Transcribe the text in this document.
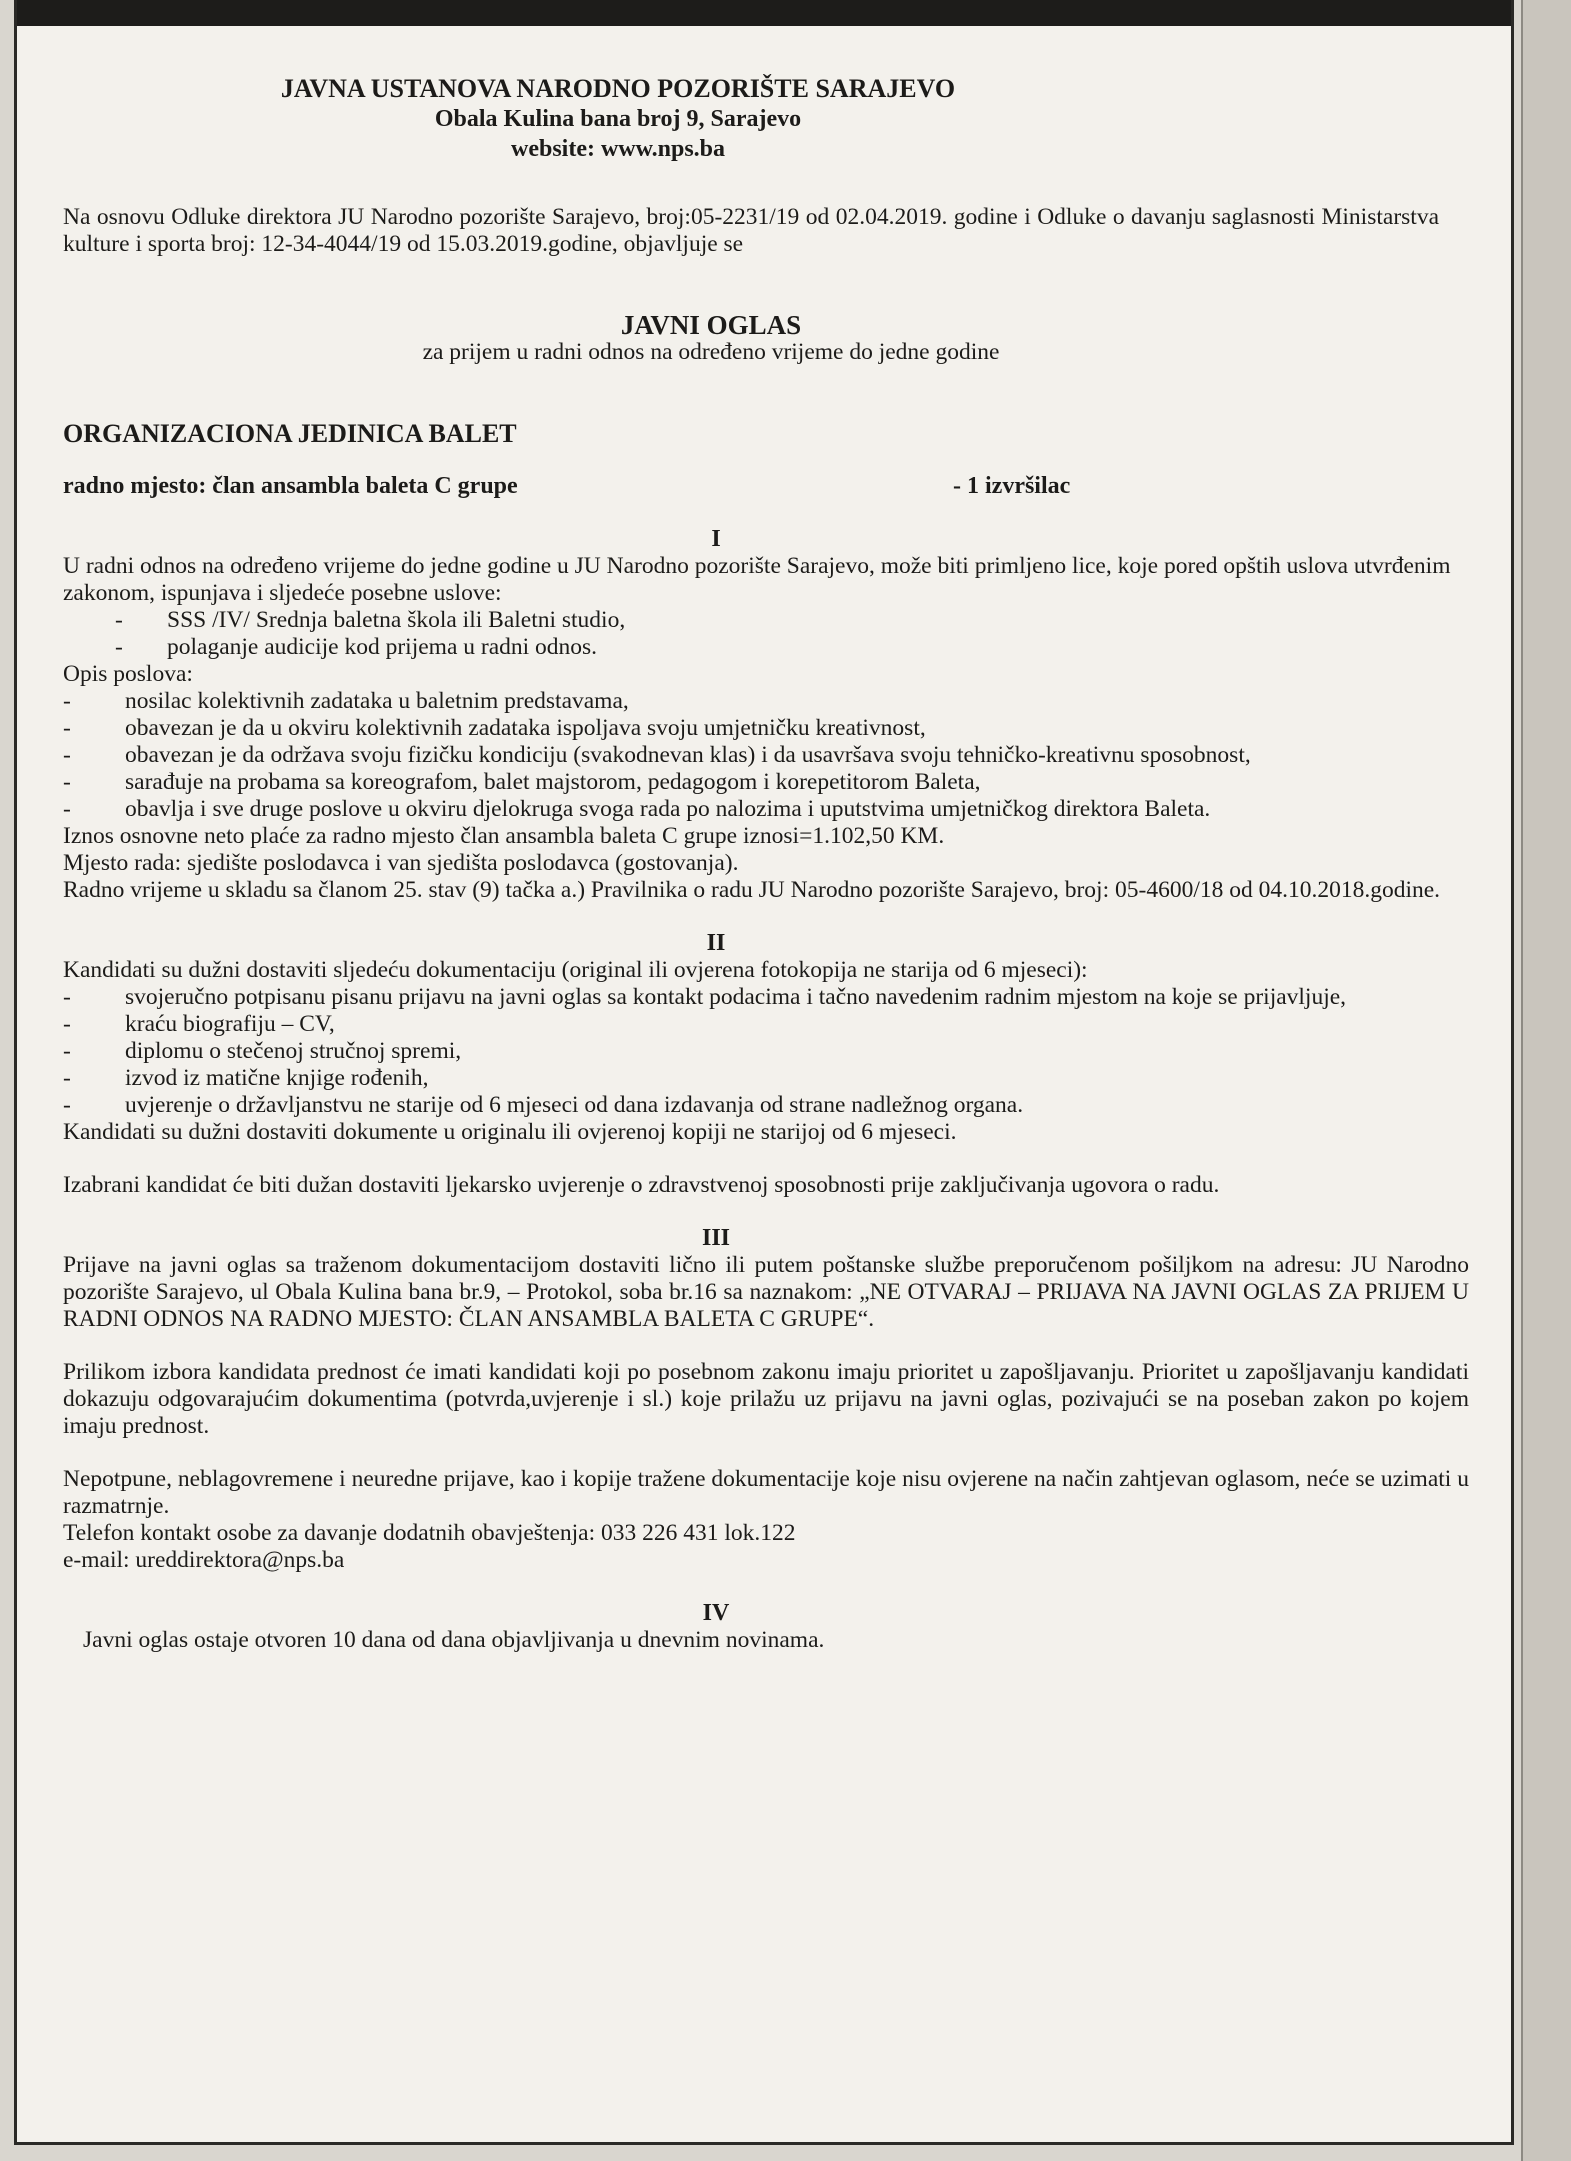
JAVNA USTANOVA NARODNO POZORIŠTE SARAJEVO
Obala Kulina bana broj 9, Sarajevo
website: www.nps.ba

Na osnovu Odluke direktora JU Narodno pozorište Sarajevo, broj:05-2231/19 od 02.04.2019. godine i Odluke o davanju saglasnosti Ministarstva kulture i sporta broj: 12-34-4044/19 od 15.03.2019.godine, objavljuje se

JAVNI OGLAS
za prijem u radni odnos na određeno vrijeme do jedne godine
ORGANIZACIONA JEDINICA BALET
radno mjesto: član ansambla baleta C grupe	- 1 izvršilac
I

U radni odnos na određeno vrijeme do jedne godine u JU Narodno pozorište Sarajevo, može biti primljeno lice, koje pored opštih uslova utvrđenim zakonom, ispunjava i sljedeće posebne uslove:

- SSS /IV/ Srednja baletna škola ili Baletni studio,
- polaganje audicije kod prijema u radni odnos.

Opis poslova:

- nosilac kolektivnih zadataka u baletnim predstavama,
- obavezan je da u okviru kolektivnih zadataka ispoljava svoju umjetničku kreativnost,
- obavezan je da održava svoju fizičku kondiciju (svakodnevan klas) i da usavršava svoju tehničko-kreativnu sposobnost,
- sarađuje na probama sa koreografom, balet majstorom, pedagogom i korepetitorom Baleta,
- obavlja i sve druge poslove u okviru djelokruga svoga rada po nalozima i uputstvima umjetničkog direktora Baleta.

Iznos osnovne neto plaće za radno mjesto član ansambla baleta C grupe iznosi=1.102,50 KM.

Mjesto rada: sjedište poslodavca i van sjedišta poslodavca (gostovanja).

Radno vrijeme u skladu sa članom 25. stav (9) tačka a.) Pravilnika o radu JU Narodno pozorište Sarajevo, broj: 05-4600/18 od 04.10.2018.godine.

II

Kandidati su dužni dostaviti sljedeću dokumentaciju (original ili ovjerena fotokopija ne starija od 6 mjeseci):

- svojeručno potpisanu pisanu prijavu na javni oglas sa kontakt podacima i tačno navedenim radnim mjestom na koje se prijavljuje,
- kraću biografiju – CV,
- diplomu o stečenoj stručnoj spremi,
- izvod iz matične knjige rođenih,
- uvjerenje o državljanstvu ne starije od 6 mjeseci od dana izdavanja od strane nadležnog organa.

Kandidati su dužni dostaviti dokumente u originalu ili ovjerenoj kopiji ne starijoj od 6 mjeseci.

Izabrani kandidat će biti dužan dostaviti ljekarsko uvjerenje o zdravstvenoj sposobnosti prije zaključivanja ugovora o radu.

III

Prijave na javni oglas sa traženom dokumentacijom dostaviti lično ili putem poštanske službe preporučenom pošiljkom na adresu: JU Narodno pozorište Sarajevo, ul Obala Kulina bana br.9, – Protokol, soba br.16 sa naznakom: „NE OTVARAJ – PRIJAVA NA JAVNI OGLAS ZA PRIJEM U RADNI ODNOS NA RADNO MJESTO: ČLAN ANSAMBLA BALETA C GRUPE“.

Prilikom izbora kandidata prednost će imati kandidati koji po posebnom zakonu imaju prioritet u zapošljavanju. Prioritet u zapošljavanju kandidati dokazuju odgovarajućim dokumentima (potvrda,uvjerenje i sl.) koje prilažu uz prijavu na javni oglas, pozivajući se na poseban zakon po kojem imaju prednost.

Nepotpune, neblagovremene i neuredne prijave, kao i kopije tražene dokumentacije koje nisu ovjerene na način zahtjevan oglasom, neće se uzimati u razmatrnje.

Telefon kontakt osobe za davanje dodatnih obavještenja: 033 226 431 lok.122

e-mail: ureddirektora@nps.ba

IV

Javni oglas ostaje otvoren 10 dana od dana objavljivanja u dnevnim novinama.
